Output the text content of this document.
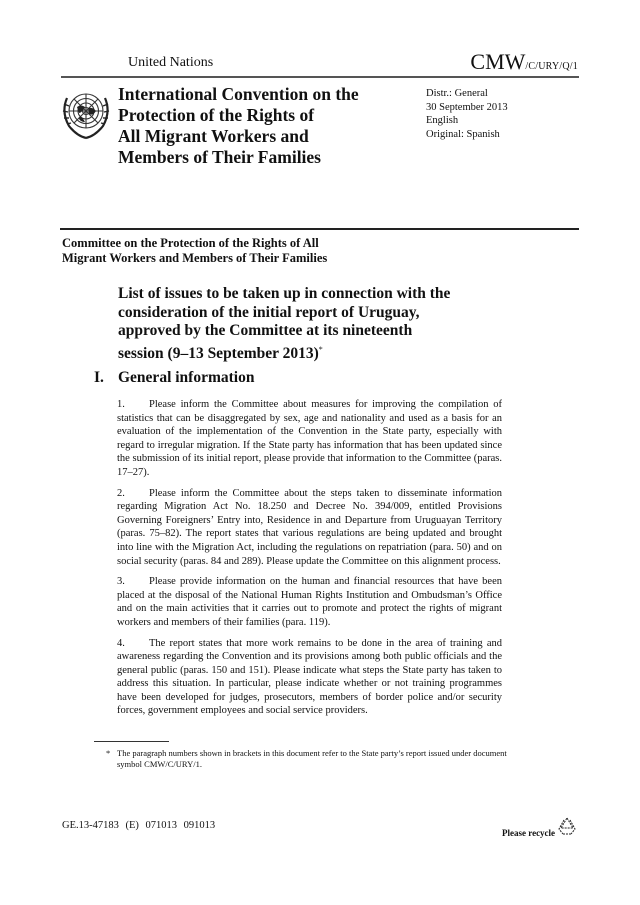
United Nations	CMW/C/URY/Q/1
International Convention on the
Protection of the Rights of
All Migrant Workers and
Members of Their Families
Distr.: General
30 September 2013
English
Original: Spanish
Committee on the Protection of the Rights of All
Migrant Workers and Members of Their Families
List of issues to be taken up in connection with the
consideration of the initial report of Uruguay,
approved by the Committee at its nineteenth
session (9–13 September 2013)*
I. General information

1. Please inform the Committee about measures for improving the compilation of statistics that can be disaggregated by sex, age and nationality and used as a basis for an evaluation of the implementation of the Convention in the State party, especially with regard to irregular migration. If the State party has information that has been updated since the submission of its initial report, please provide that information to the Committee (paras. 17–27).

2. Please inform the Committee about the steps taken to disseminate information regarding Migration Act No. 18.250 and Decree No. 394/009, entitled Provisions Governing Foreigners’ Entry into, Residence in and Departure from Uruguayan Territory (paras. 75–82). The report states that various regulations are being updated and brought into line with the Migration Act, including the regulations on repatriation (para. 50) and on social security (paras. 84 and 289). Please update the Committee on this alignment process.

3. Please provide information on the human and financial resources that have been placed at the disposal of the National Human Rights Institution and Ombudsman’s Office and on the main activities that it carries out to promote and protect the rights of migrant workers and members of their families (para. 119).

4. The report states that more work remains to be done in the area of training and awareness regarding the Convention and its provisions among both public officials and the general public (paras. 150 and 151). Please indicate what steps the State party has taken to address this situation. In particular, please indicate whether or not training programmes have been developed for judges, prosecutors, members of border police and/or security forces, government employees and social service providers.

* The paragraph numbers shown in brackets in this document refer to the State party’s report issued under document symbol CMW/C/URY/1.
GE.13-47183 (E) 071013 091013
Please recycle
